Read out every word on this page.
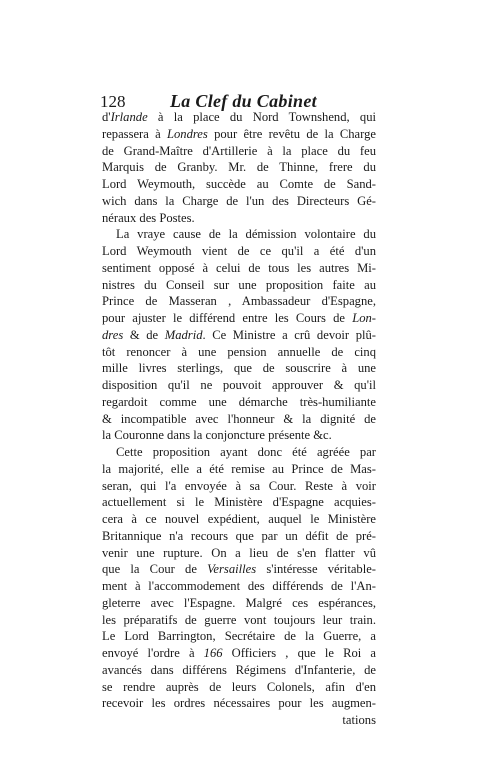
128 La Clef du Cabinet
d'Irlande à la place du Nord Townshend, qui
repassera à Londres pour être revêtu de la Charge
de Grand-Maître d'Artillerie à la place du feu
Marquis de Granby. Mr. de Thinne, frere du
Lord Weymouth, succède au Comte de Sand-
wich dans la Charge de l'un des Directeurs Gé-
néraux des Postes.
La vraye cause de la démission volontaire du
Lord Weymouth vient de ce qu'il a été d'un
sentiment opposé à celui de tous les autres Mi-
nistres du Conseil sur une proposition faite au
Prince de Masseran , Ambassadeur d'Espagne,
pour ajuster le différend entre les Cours de Lon-
dres & de Madrid. Ce Ministre a crû devoir plû-
tôt renoncer à une pension annuelle de cinq
mille livres sterlings, que de souscrire à une
disposition qu'il ne pouvoit approuver & qu'il
regardoit comme une démarche très-humiliante
& incompatible avec l'honneur & la dignité de
la Couronne dans la conjoncture présente &c.
Cette proposition ayant donc été agréée par
la majorité, elle a été remise au Prince de Mas-
seran, qui l'a envoyée à sa Cour. Reste à voir
actuellement si le Ministère d'Espagne acquies-
cera à ce nouvel expédient, auquel le Ministère
Britannique n'a recours que par un défit de pré-
venir une rupture. On a lieu de s'en flatter vû
que la Cour de Versailles s'intéresse véritable-
ment à l'accommodement des différends de l'An-
gleterre avec l'Espagne. Malgré ces espérances,
les préparatifs de guerre vont toujours leur train.
Le Lord Barrington, Secrétaire de la Guerre, a
envoyé l'ordre à 166 Officiers , que le Roi a
avancés dans différens Régimens d'Infanterie, de
se rendre auprès de leurs Colonels, afin d'en
recevoir les ordres nécessaires pour les augmen-
tations
